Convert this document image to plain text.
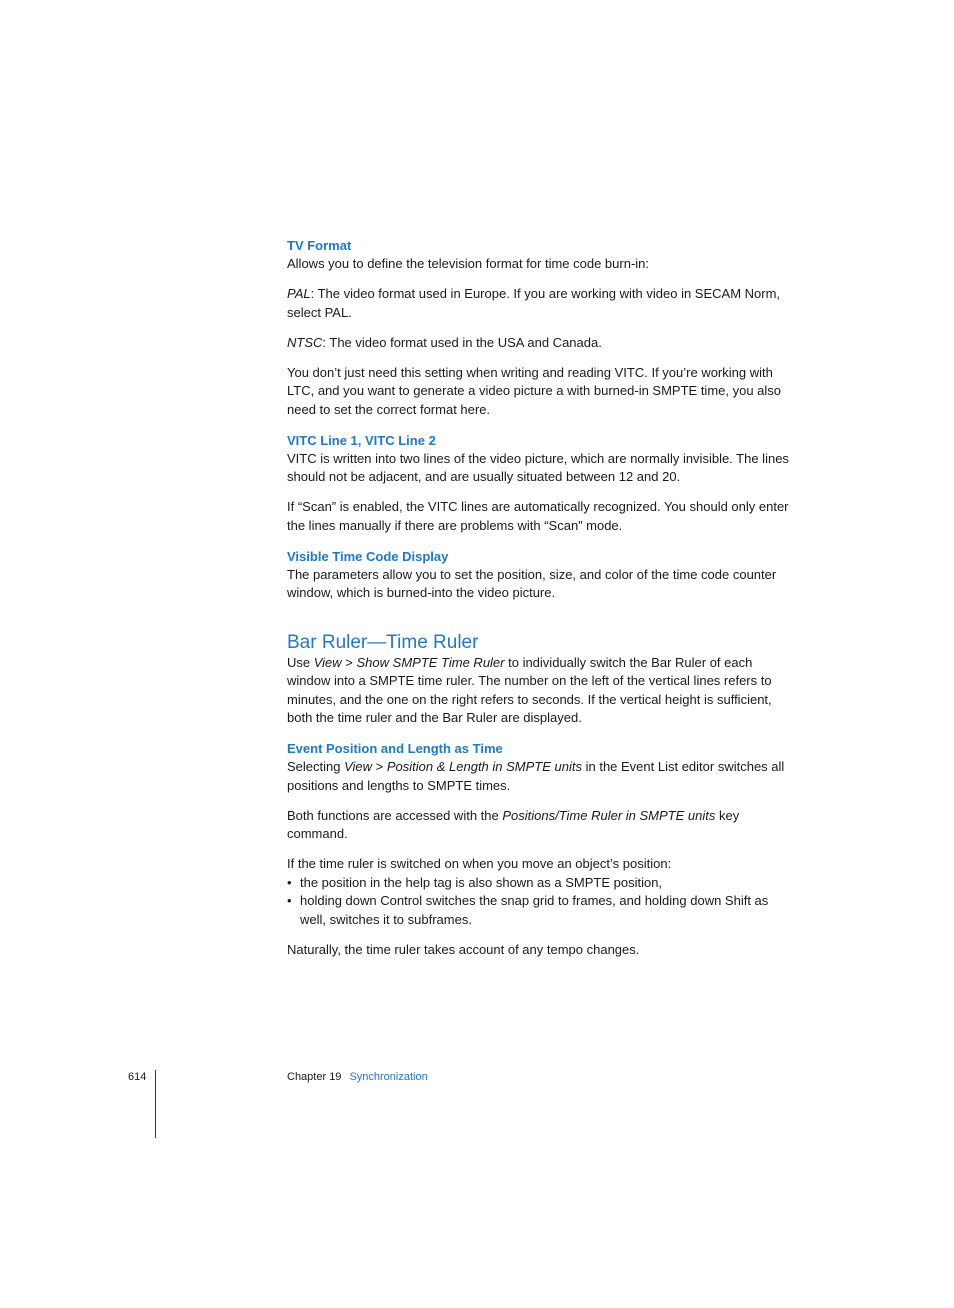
TV Format

Allows you to define the television format for time code burn-in:

PAL: The video format used in Europe. If you are working with video in SECAM Norm, select PAL.

NTSC: The video format used in the USA and Canada.

You don’t just need this setting when writing and reading VITC. If you’re working with LTC, and you want to generate a video picture a with burned-in SMPTE time, you also need to set the correct format here.

VITC Line 1, VITC Line 2

VITC is written into two lines of the video picture, which are normally invisible. The lines should not be adjacent, and are usually situated between 12 and 20.

If “Scan” is enabled, the VITC lines are automatically recognized. You should only enter the lines manually if there are problems with “Scan” mode.

Visible Time Code Display

The parameters allow you to set the position, size, and color of the time code counter window, which is burned-into the video picture.

Bar Ruler—Time Ruler

Use View > Show SMPTE Time Ruler to individually switch the Bar Ruler of each window into a SMPTE time ruler. The number on the left of the vertical lines refers to minutes, and the one on the right refers to seconds. If the vertical height is sufficient, both the time ruler and the Bar Ruler are displayed.

Event Position and Length as Time

Selecting View > Position & Length in SMPTE units in the Event List editor switches all positions and lengths to SMPTE times.

Both functions are accessed with the Positions/Time Ruler in SMPTE units key command.

If the time ruler is switched on when you move an object’s position:

• the position in the help tag is also shown as a SMPTE position,
• holding down Control switches the snap grid to frames, and holding down Shift as well, switches it to subframes.

Naturally, the time ruler takes account of any tempo changes.

614	Chapter 19 Synchronization
